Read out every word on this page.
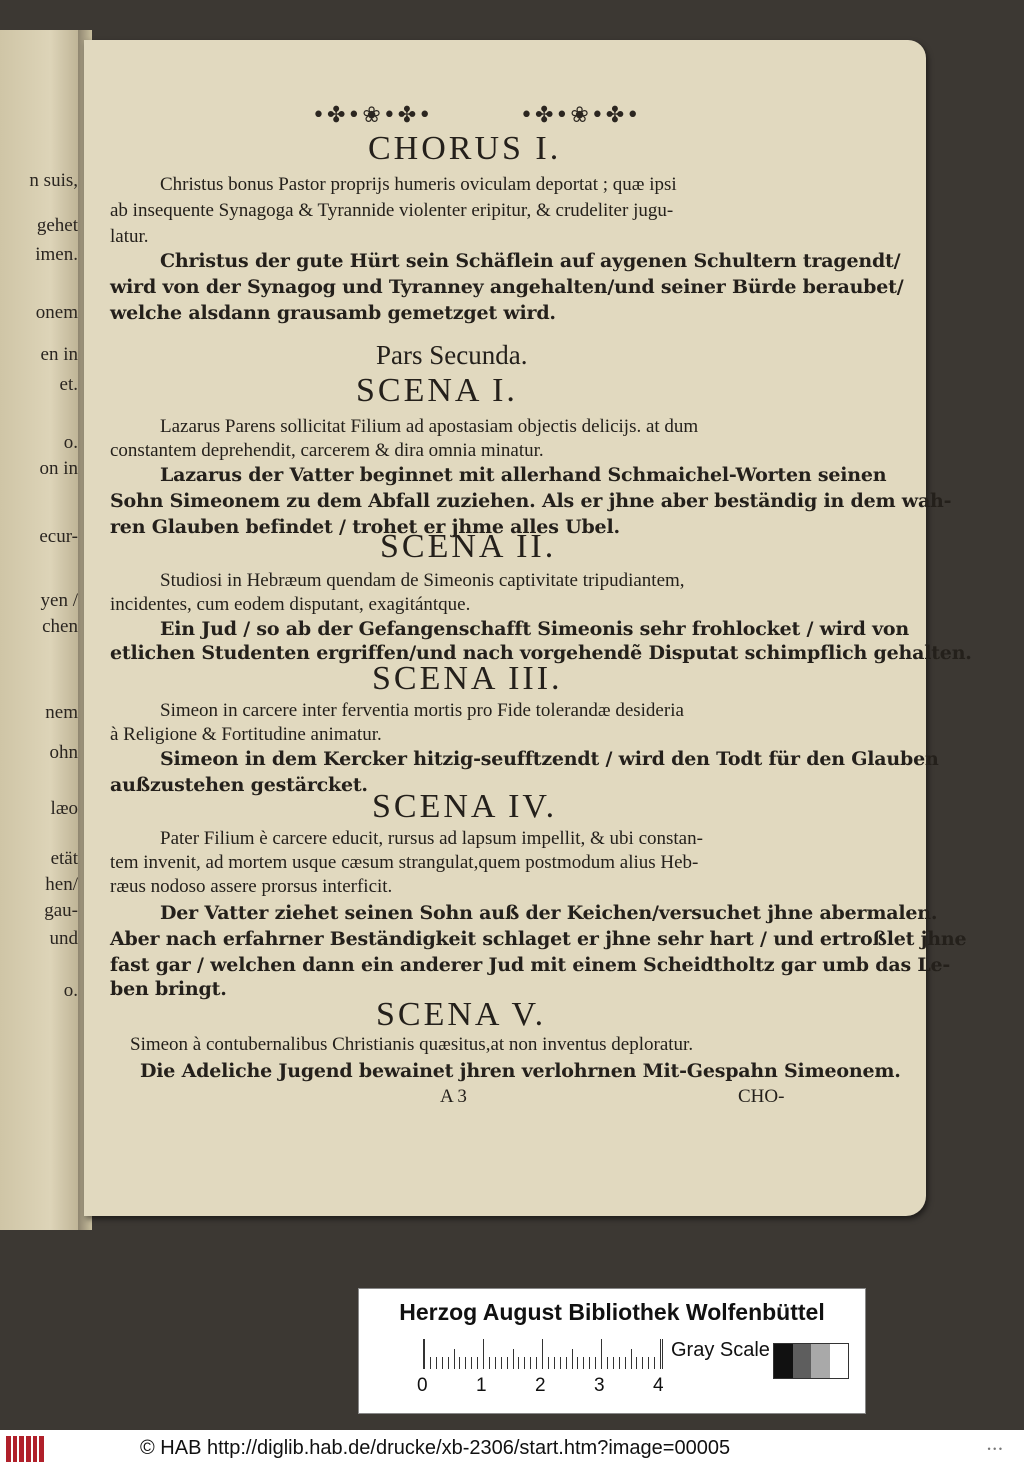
n suis,
gehet
imen.
onem
en in
et.
o.
on in
ecur-
yen /
chen
nem
ohn
læo
etät
hen/
gau-
und
o.
•✤•❀•✤•	•✤•❀•✤•
CHORUS I.
Christus bonus Pastor proprijs humeris oviculam deportat ; quæ ipsi
ab insequente Synagoga & Tyrannide violenter eripitur, & crudeliter jugu-
latur.
Christus der gute Hürt sein Schäflein auf aygenen Schultern tragendt/
wird von der Synagog und Tyranney angehalten/und seiner Bürde beraubet/
welche alsdann grausamb gemetzget wird.
Pars Secunda.
SCENA I.
Lazarus Parens sollicitat Filium ad apostasiam objectis delicijs. at dum
constantem deprehendit, carcerem & dira omnia minatur.
Lazarus der Vatter beginnet mit allerhand Schmaichel-Worten seinen
Sohn Simeonem zu dem Abfall zuziehen. Als er jhne aber beständig in dem wah-
ren Glauben befindet / trohet er jhme alles Ubel.
SCENA II.
Studiosi in Hebræum quendam de Simeonis captivitate tripudiantem,
incidentes, cum eodem disputant, exagitántque.
Ein Jud / so ab der Gefangenschafft Simeonis sehr frohlocket / wird von
etlichen Studenten ergriffen/und nach vorgehendẽ Disputat schimpflich gehalten.
SCENA III.
Simeon in carcere inter ferventia mortis pro Fide tolerandæ desideria
à Religione & Fortitudine animatur.
Simeon in dem Kercker hitzig-seufftzendt / wird den Todt für den Glauben
außzustehen gestärcket.
SCENA IV.
Pater Filium è carcere educit, rursus ad lapsum impellit, & ubi constan-
tem invenit, ad mortem usque cæsum strangulat,quem postmodum alius Heb-
ræus nodoso assere prorsus interficit.
Der Vatter ziehet seinen Sohn auß der Keichen/versuchet jhne abermalen.
Aber nach erfahrner Beständigkeit schlaget er jhne sehr hart / und ertroßlet jhne
fast gar / welchen dann ein anderer Jud mit einem Scheidtholtz gar umb das Le-
ben bringt.
SCENA V.
Simeon à contubernalibus Christianis quæsitus,at non inventus deploratur.
Die Adeliche Jugend bewainet jhren verlohrnen Mit-Gespahn Simeonem.
A 3	CHO-
Herzog August Bibliothek Wolfenbüttel
0	1	2	3	4
Gray Scale
© HAB http://diglib.hab.de/drucke/xb-2306/start.htm?image=00005	• • •
